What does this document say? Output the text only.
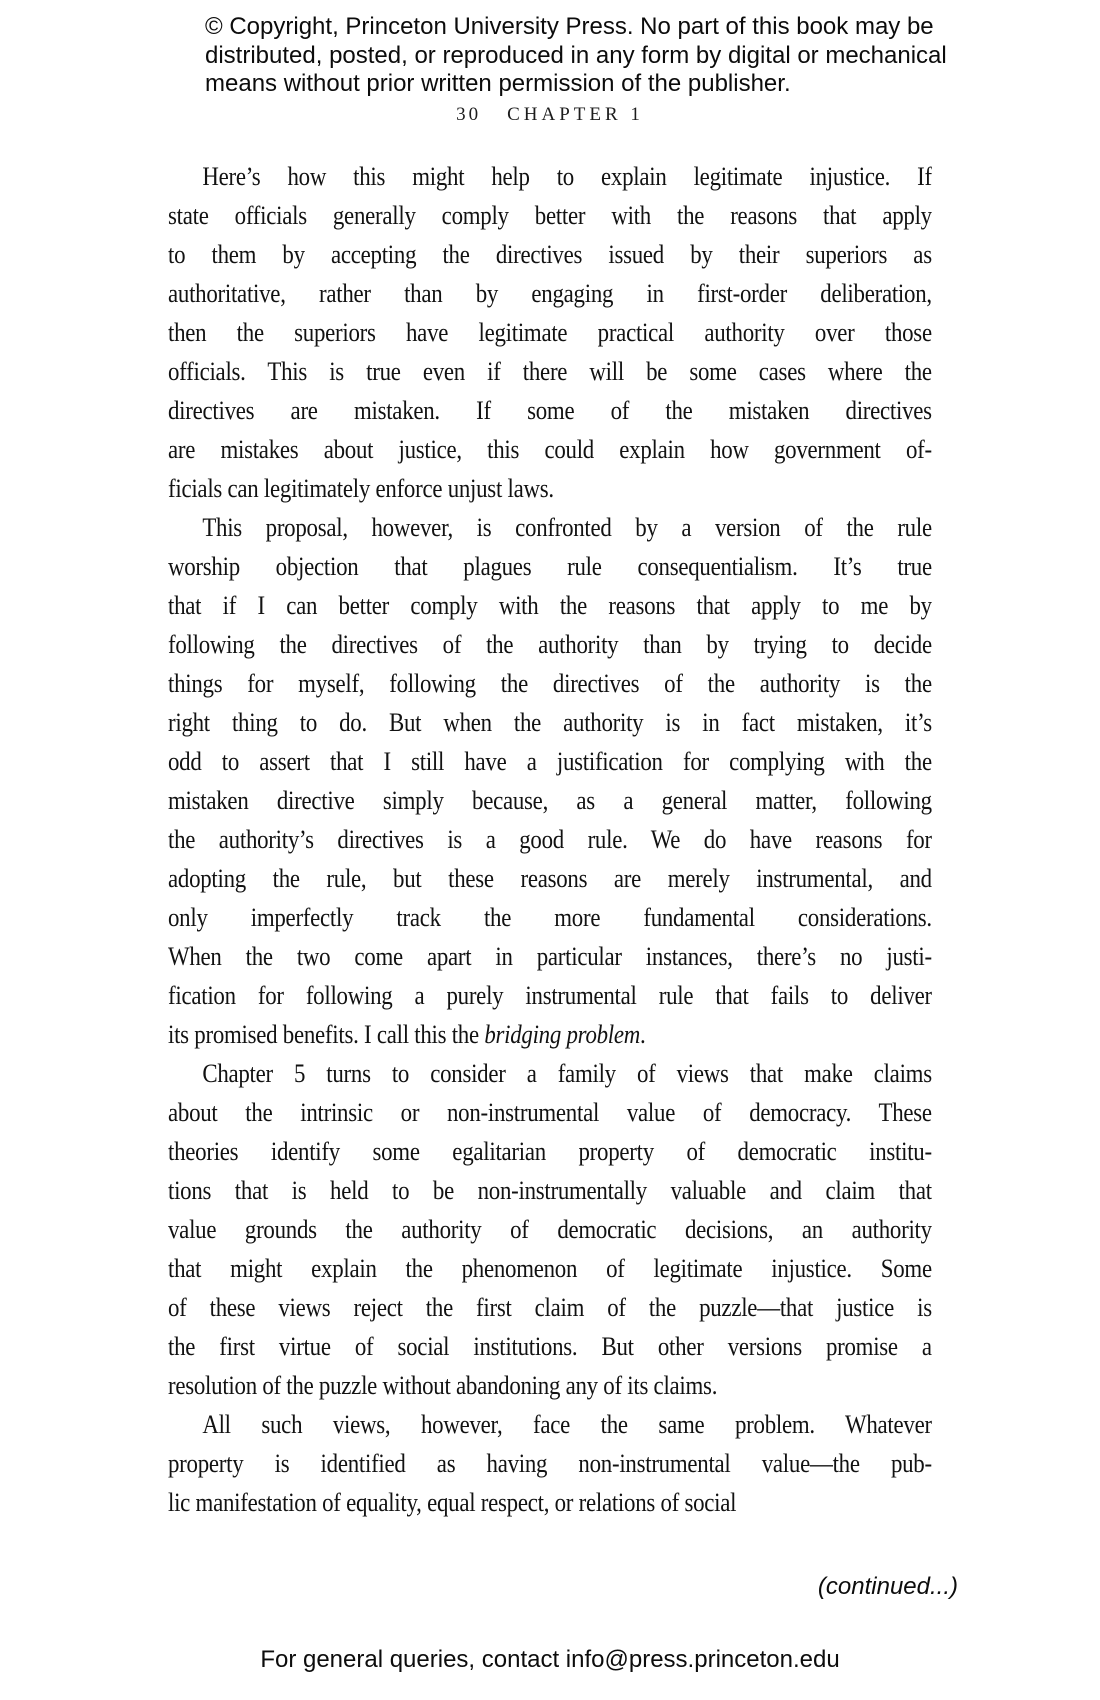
© Copyright, Princeton University Press. No part of this book may be
distributed, posted, or reproduced in any form by digital or mechanical
means without prior written permission of the publisher.
30 CHAPTER 1
Here’s how this might help to explain legitimate injustice. If
state officials generally comply better with the reasons that apply
to them by accepting the directives issued by their superiors as
authoritative, rather than by engaging in first-order deliberation,
then the superiors have legitimate practical authority over those
officials. This is true even if there will be some cases where the
directives are mistaken. If some of the mistaken directives
are mistakes about justice, this could explain how government of-
ficials can legitimately enforce unjust laws.
This proposal, however, is confronted by a version of the rule
worship objection that plagues rule consequentialism. It’s true
that if I can better comply with the reasons that apply to me by
following the directives of the authority than by trying to decide
things for myself, following the directives of the authority is the
right thing to do. But when the authority is in fact mistaken, it’s
odd to assert that I still have a justification for complying with the
mistaken directive simply because, as a general matter, following
the authority’s directives is a good rule. We do have reasons for
adopting the rule, but these reasons are merely instrumental, and
only imperfectly track the more fundamental considerations.
When the two come apart in particular instances, there’s no justi-
fication for following a purely instrumental rule that fails to deliver
its promised benefits. I call this the bridging problem.
Chapter 5 turns to consider a family of views that make claims
about the intrinsic or non-instrumental value of democracy. These
theories identify some egalitarian property of democratic institu-
tions that is held to be non-instrumentally valuable and claim that
value grounds the authority of democratic decisions, an authority
that might explain the phenomenon of legitimate injustice. Some
of these views reject the first claim of the puzzle—that justice is
the first virtue of social institutions. But other versions promise a
resolution of the puzzle without abandoning any of its claims.
All such views, however, face the same problem. Whatever
property is identified as having non-instrumental value—the pub-
lic manifestation of equality, equal respect, or relations of social
(continued...)
For general queries, contact info@press.princeton.edu
